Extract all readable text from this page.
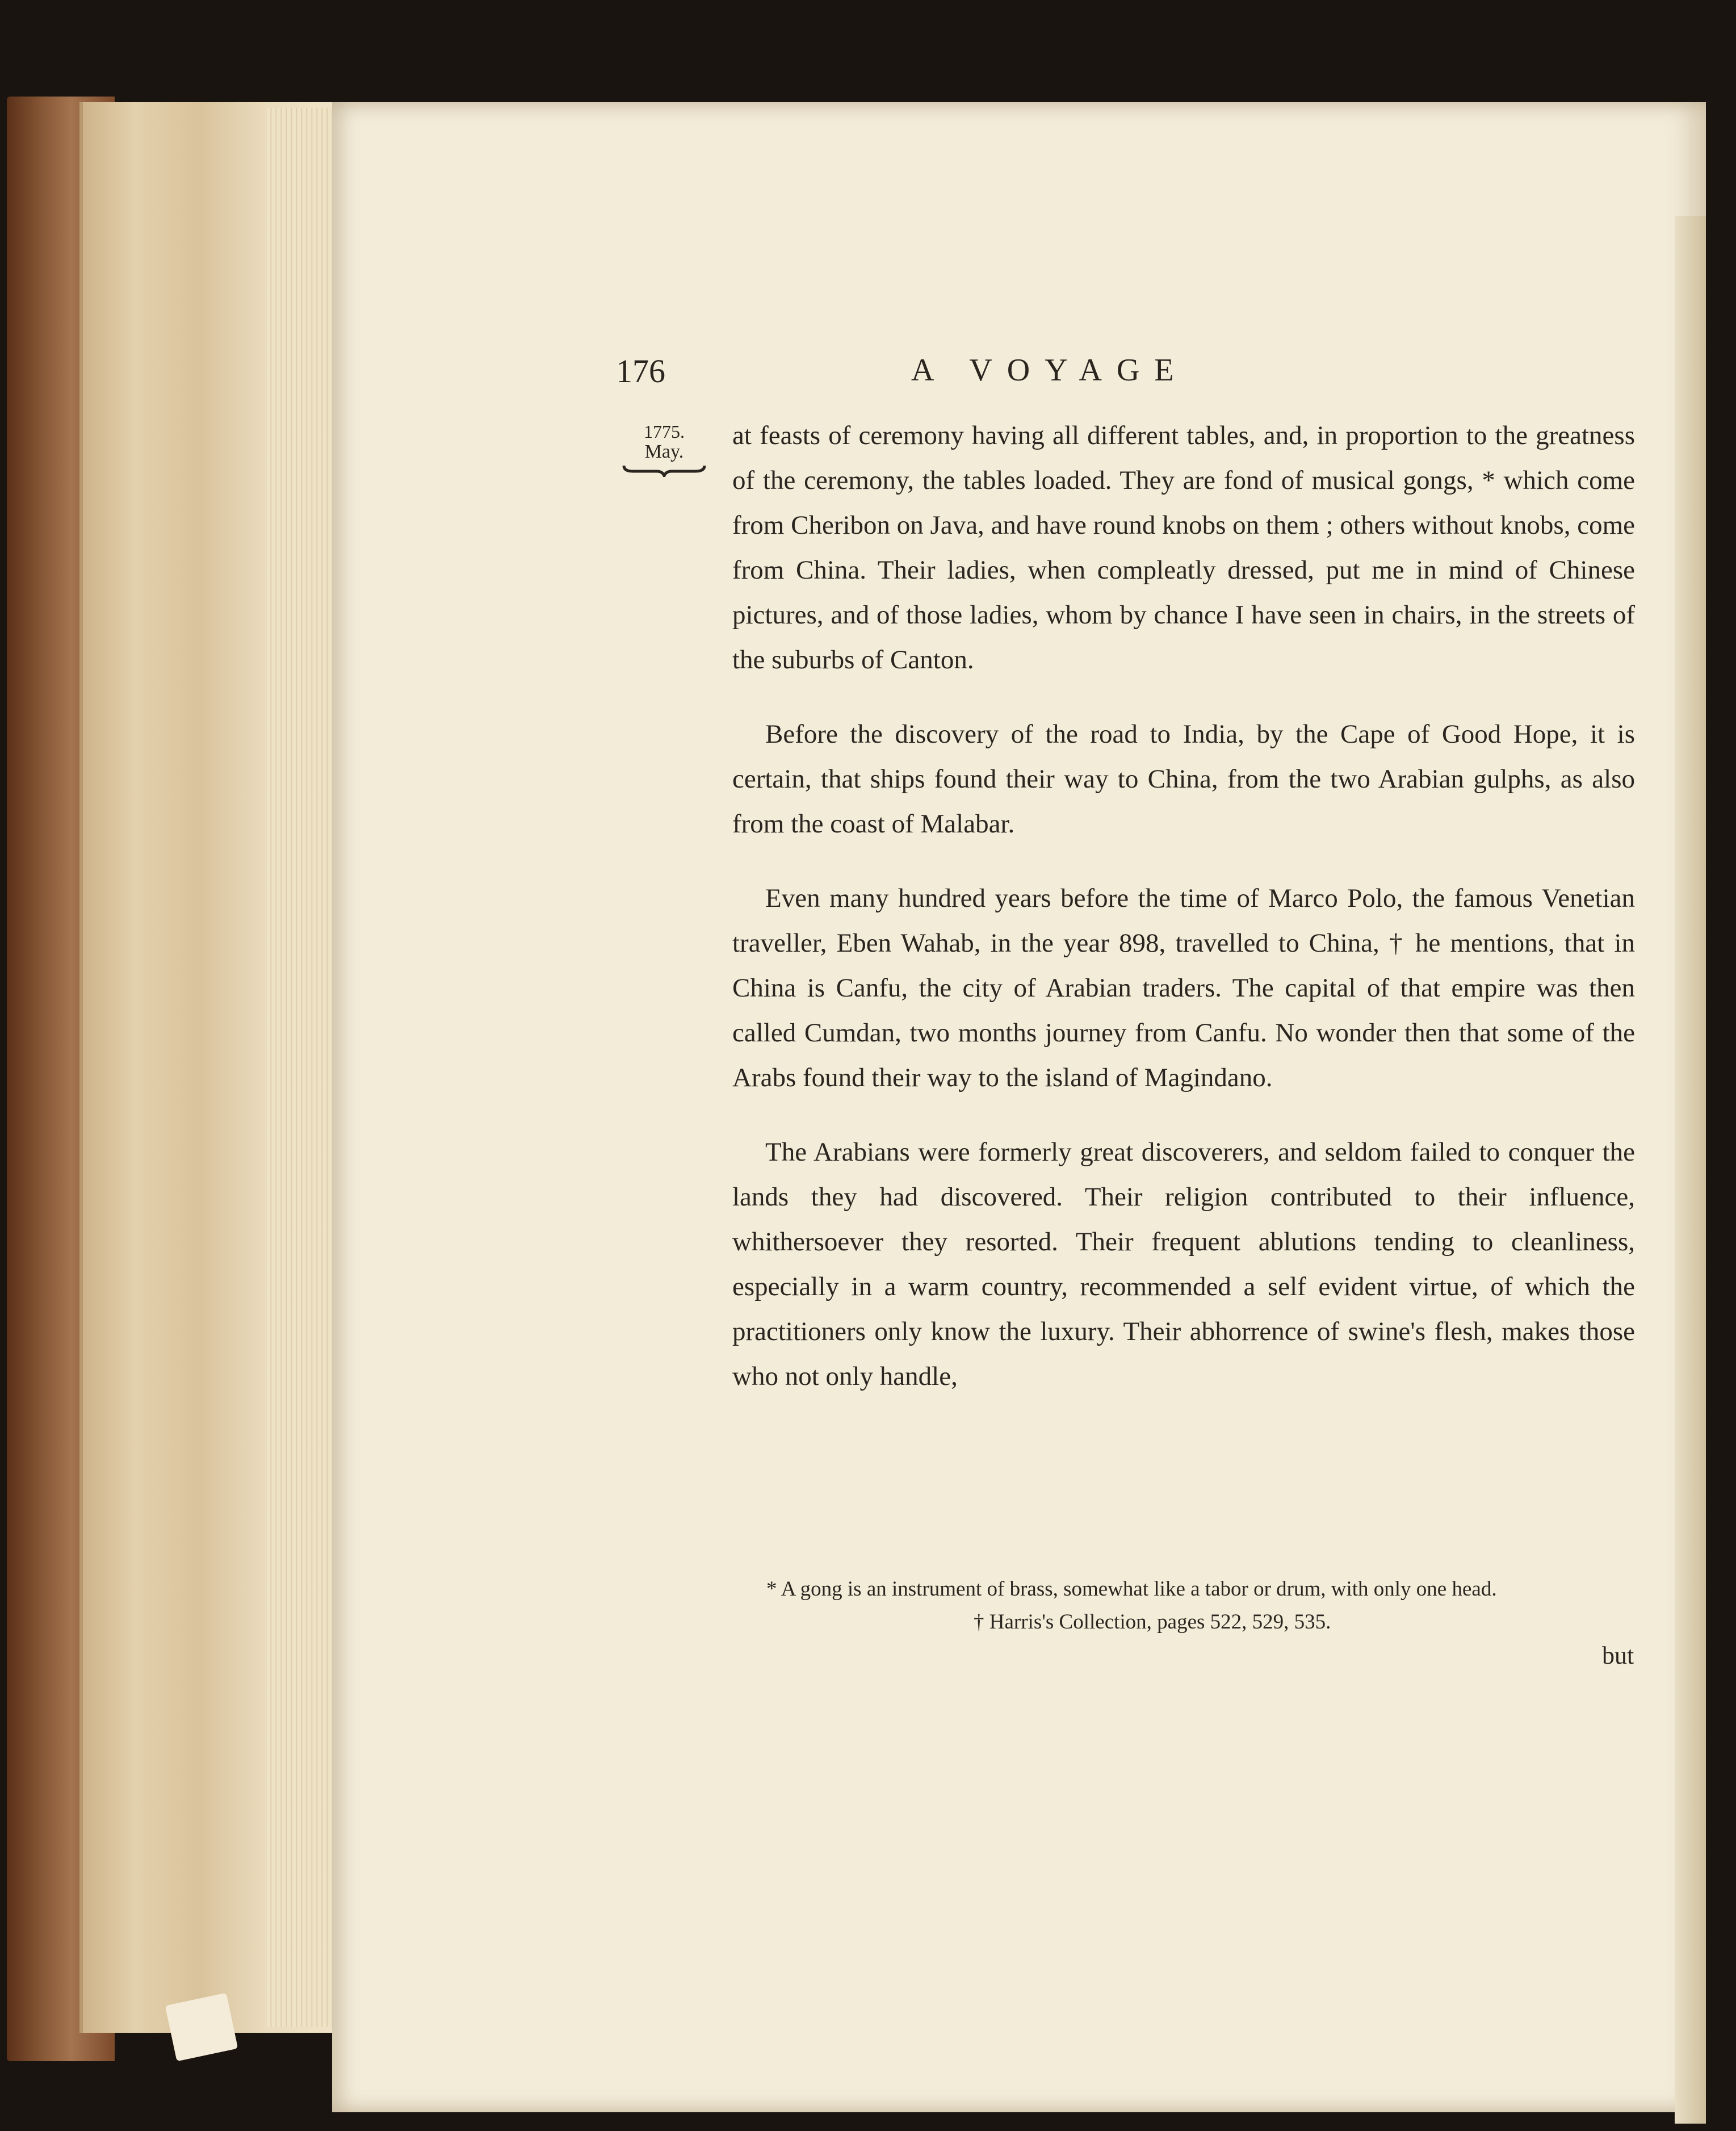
176	A VOYAGE
1775.
May.

at feasts of ceremony having all different tables, and, in proportion to the greatness of the ceremony, the tables loaded. They are fond of musical gongs, * which come from Cheribon on Java, and have round knobs on them ; others without knobs, come from China. Their ladies, when compleatly dressed, put me in mind of Chinese pictures, and of those ladies, whom by chance I have seen in chairs, in the streets of the suburbs of Canton.

Before the discovery of the road to India, by the Cape of Good Hope, it is certain, that ships found their way to China, from the two Arabian gulphs, as also from the coast of Malabar.

Even many hundred years before the time of Marco Polo, the famous Venetian traveller, Eben Wahab, in the year 898, travelled to China, † he mentions, that in China is Canfu, the city of Arabian traders. The capital of that empire was then called Cumdan, two months journey from Canfu. No wonder then that some of the Arabs found their way to the island of Magindano.

The Arabians were formerly great discoverers, and seldom failed to conquer the lands they had discovered. Their religion contributed to their influence, whithersoever they resorted. Their frequent ablutions tending to cleanliness, especially in a warm country, recommended a self evident virtue, of which the practitioners only know the luxury. Their abhorrence of swine's flesh, makes those who not only handle,

* A gong is an instrument of brass, somewhat like a tabor or drum, with only one head.
† Harris's Collection, pages 522, 529, 535.
but
